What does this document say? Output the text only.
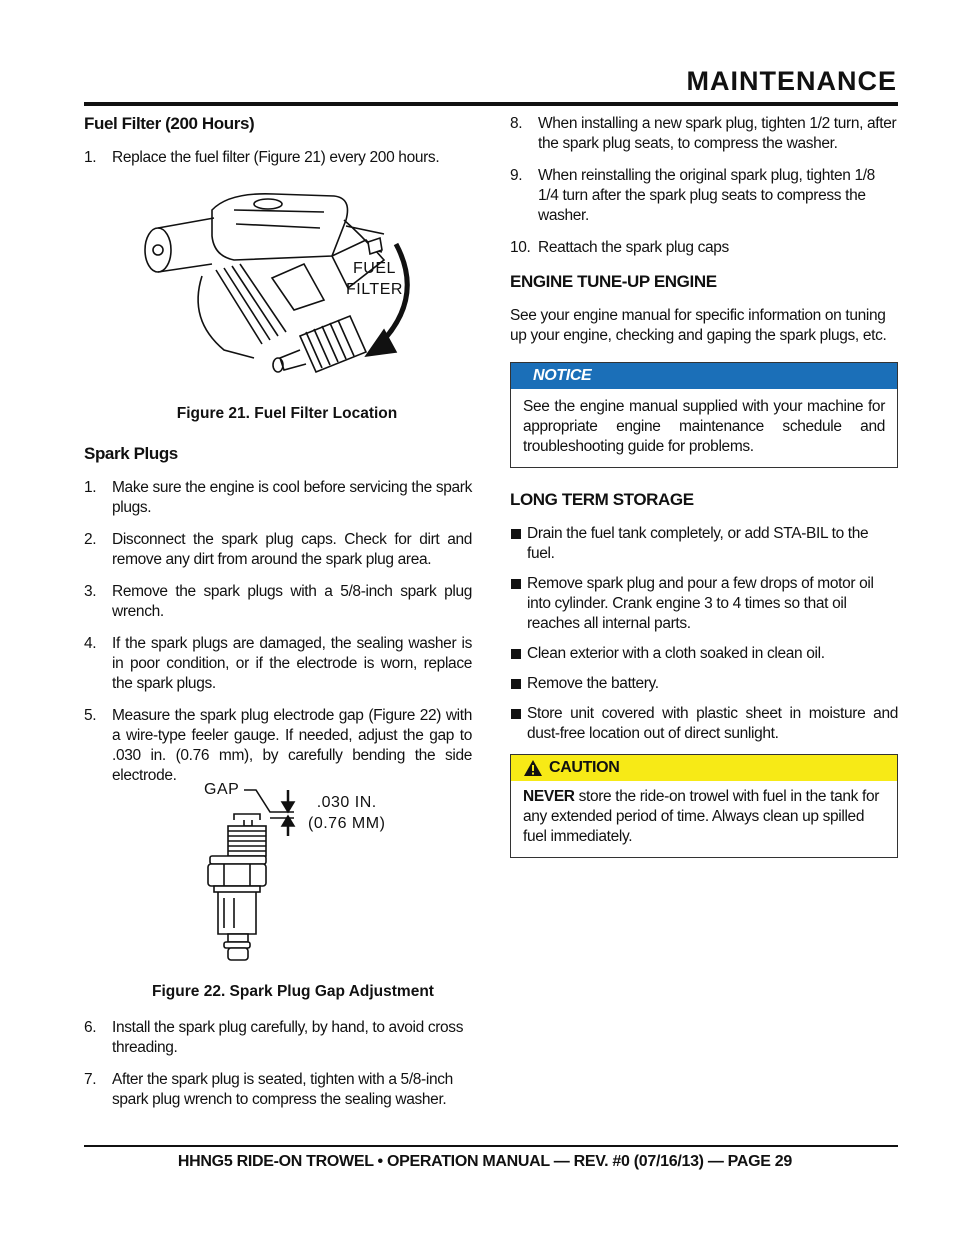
MAINTENANCE
Fuel Filter (200 Hours)
1. Replace the fuel filter (Figure 21) every 200 hours.
FUEL
FILTER
Figure 21. Fuel Filter Location
Spark Plugs
1. Make sure the engine is cool before servicing the spark plugs.
2. Disconnect the spark plug caps. Check for dirt and remove any dirt from around the spark plug area.
3. Remove the spark plugs with a 5/8-inch spark plug wrench.
4. If the spark plugs are damaged, the sealing washer is in poor condition, or if the electrode is worn, replace the spark plugs.
5. Measure the spark plug electrode gap (Figure 22) with a wire-type feeler gauge. If needed, adjust the gap to .030 in. (0.76 mm), by carefully bending the side electrode.
GAP
.030 IN.
(0.76 MM)
Figure 22. Spark Plug Gap Adjustment
6. Install the spark plug carefully, by hand, to avoid cross threading.
7. After the spark plug is seated, tighten with a 5/8-inch spark plug wrench to compress the sealing washer.
8. When installing a new spark plug, tighten 1/2 turn, after the spark plug seats, to compress the washer.
9. When reinstalling the original spark plug, tighten 1/8 1/4 turn after the spark plug seats to compress the washer.
10. Reattach the spark plug caps
ENGINE TUNE-UP ENGINE
See your engine manual for specific information on tuning up your engine, checking and gaping the spark plugs, etc.
NOTICE
See the engine manual supplied with your machine for appropriate engine maintenance schedule and troubleshooting guide for problems.
LONG TERM STORAGE
Drain the fuel tank completely, or add STA-BIL to the fuel.
Remove spark plug and pour a few drops of motor oil into cylinder. Crank engine 3 to 4 times so that oil reaches all internal parts.
Clean exterior with a cloth soaked in clean oil.
Remove the battery.
Store unit covered with plastic sheet in moisture and dust-free location out of direct sunlight.
CAUTION
NEVER store the ride-on trowel with fuel in the tank for any extended period of time. Always clean up spilled fuel immediately.
HHNG5 RIDE-ON TROWEL • OPERATION MANUAL — REV. #0 (07/16/13) — PAGE 29
